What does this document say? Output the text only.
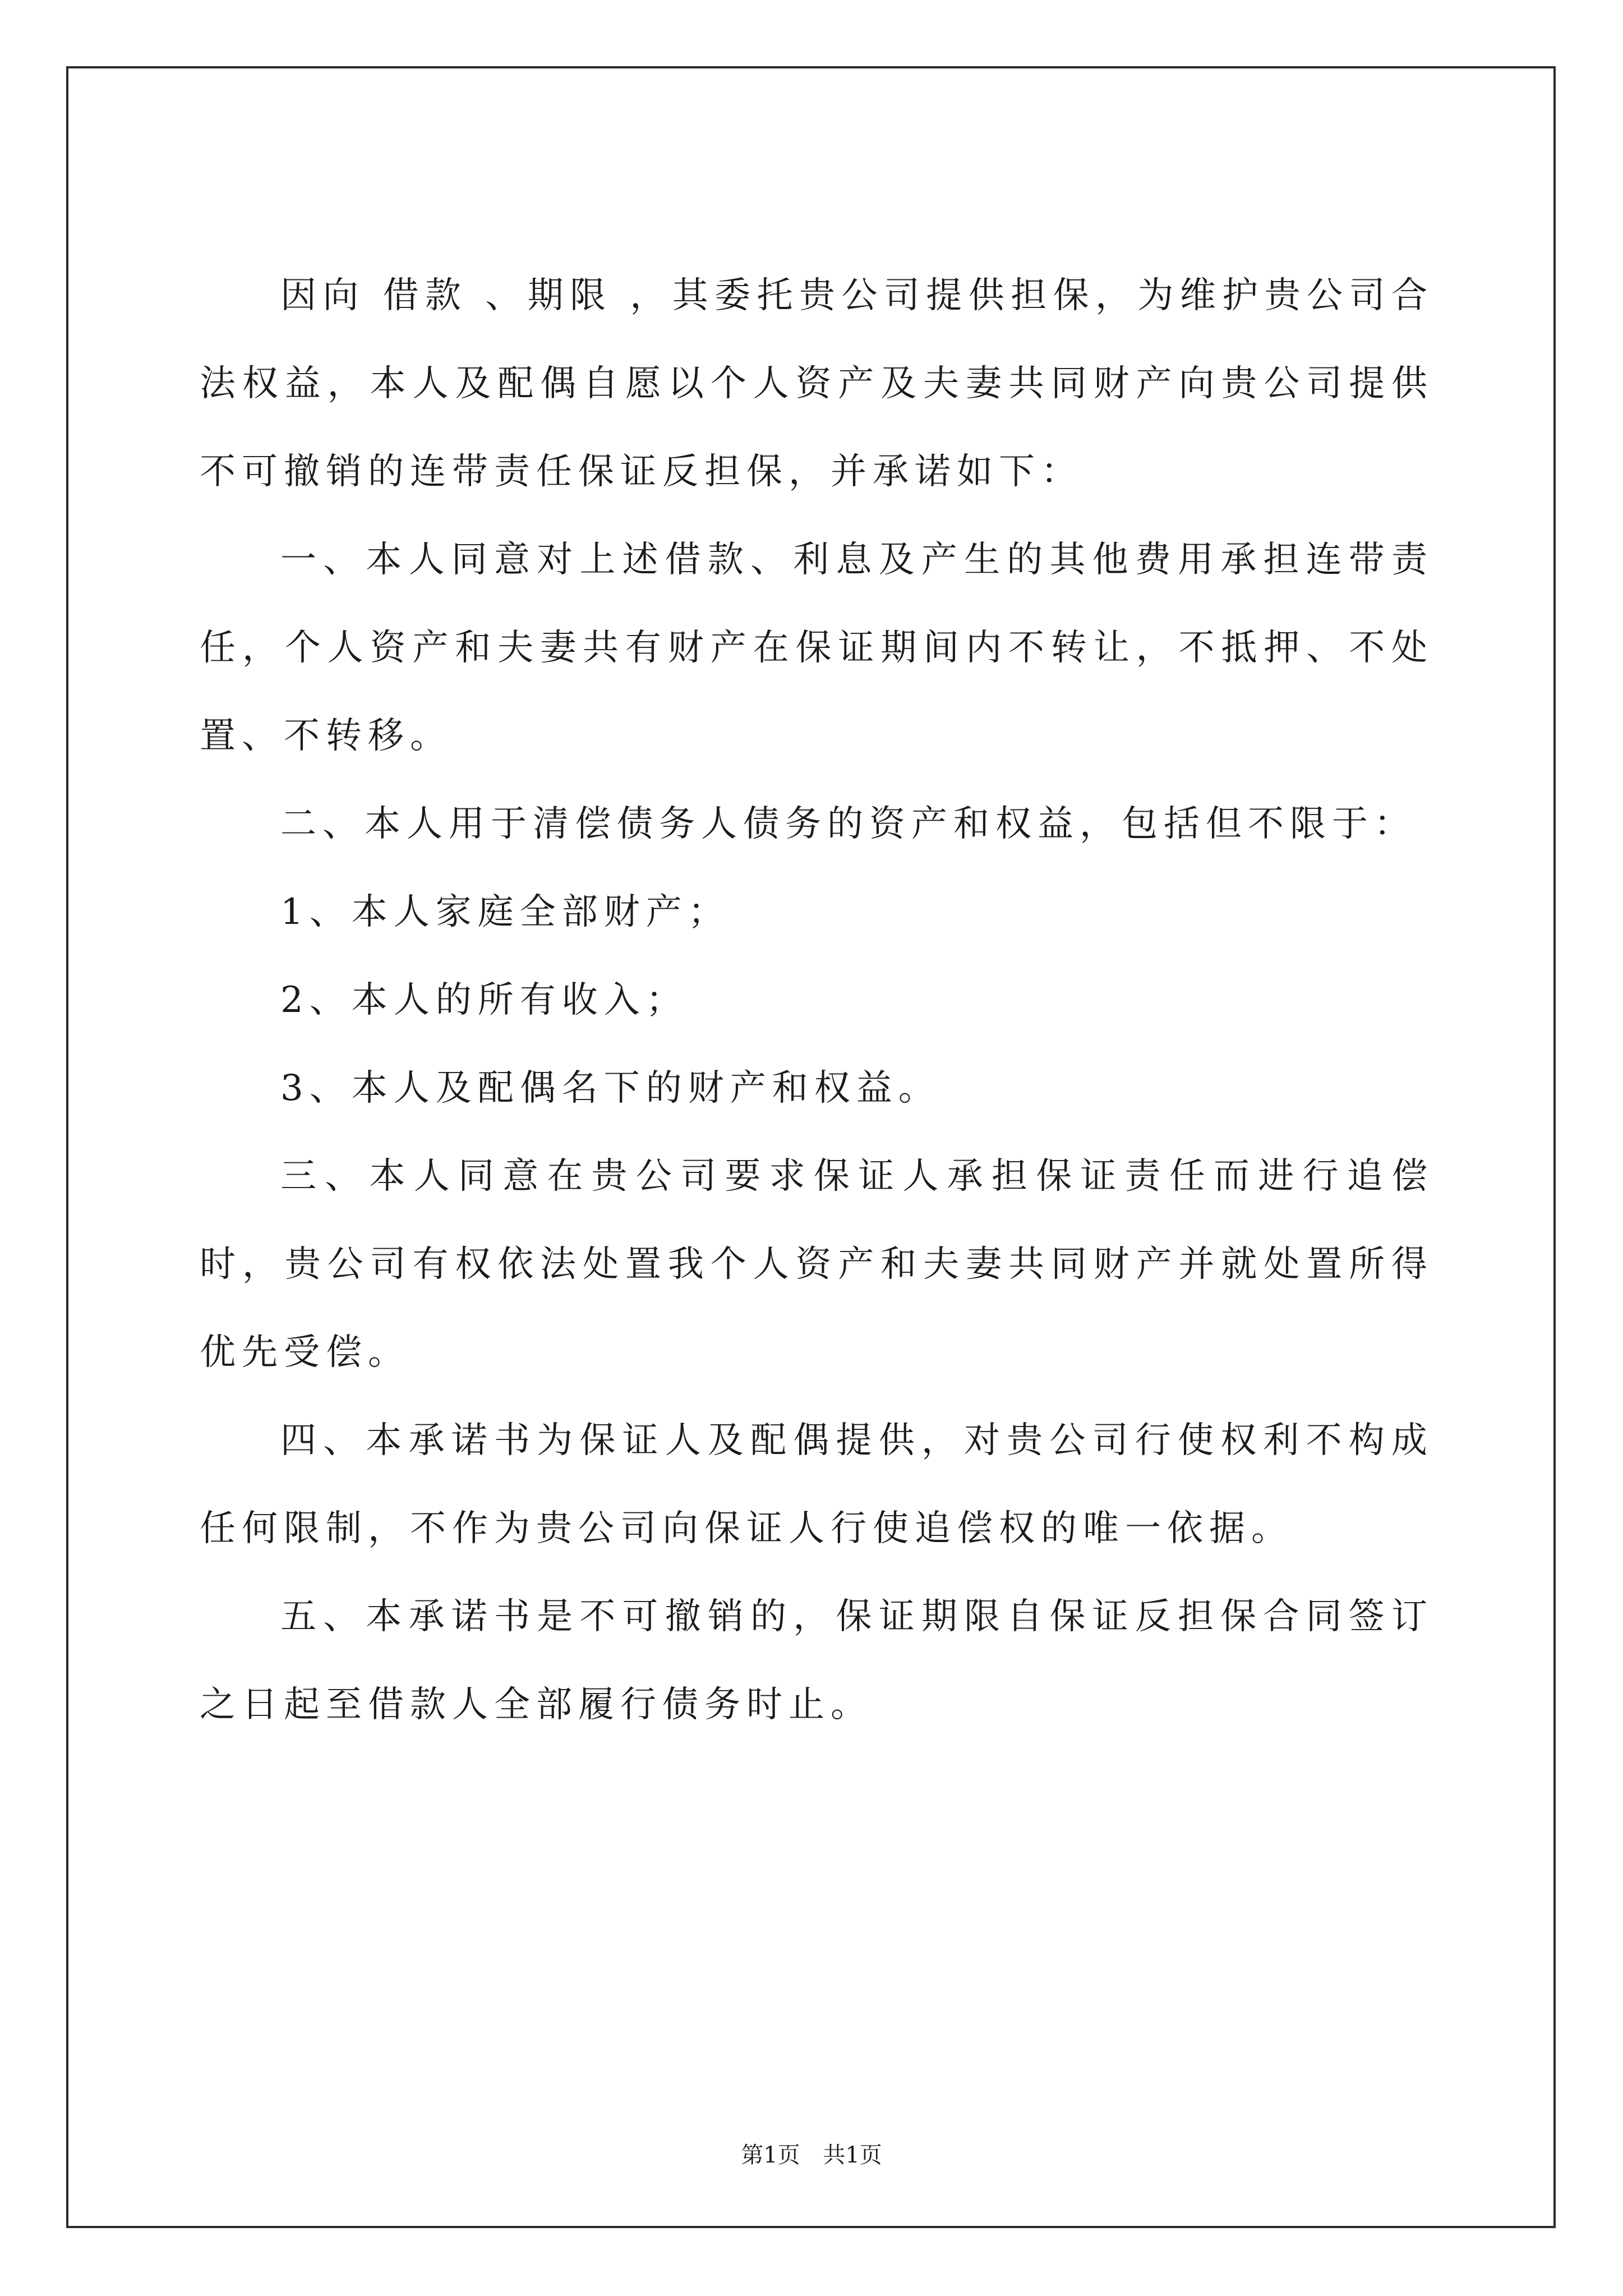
因向 借款 、期限 ，其委托贵公司提供担保，为维护贵公司合法权益，本人及配偶自愿以个人资产及夫妻共同财产向贵公司提供不可撤销的连带责任保证反担保，并承诺如下：

一、本人同意对上述借款、利息及产生的其他费用承担连带责任，个人资产和夫妻共有财产在保证期间内不转让，不抵押、不处置、不转移。

二、本人用于清偿债务人债务的资产和权益，包括但不限于：

1、本人家庭全部财产；

2、本人的所有收入；

3、本人及配偶名下的财产和权益。

三、本人同意在贵公司要求保证人承担保证责任而进行追偿时，贵公司有权依法处置我个人资产和夫妻共同财产并就处置所得优先受偿。

四、本承诺书为保证人及配偶提供，对贵公司行使权利不构成任何限制，不作为贵公司向保证人行使追偿权的唯一依据。

五、本承诺书是不可撤销的，保证期限自保证反担保合同签订之日起至借款人全部履行债务时止。

第1页 共1页
